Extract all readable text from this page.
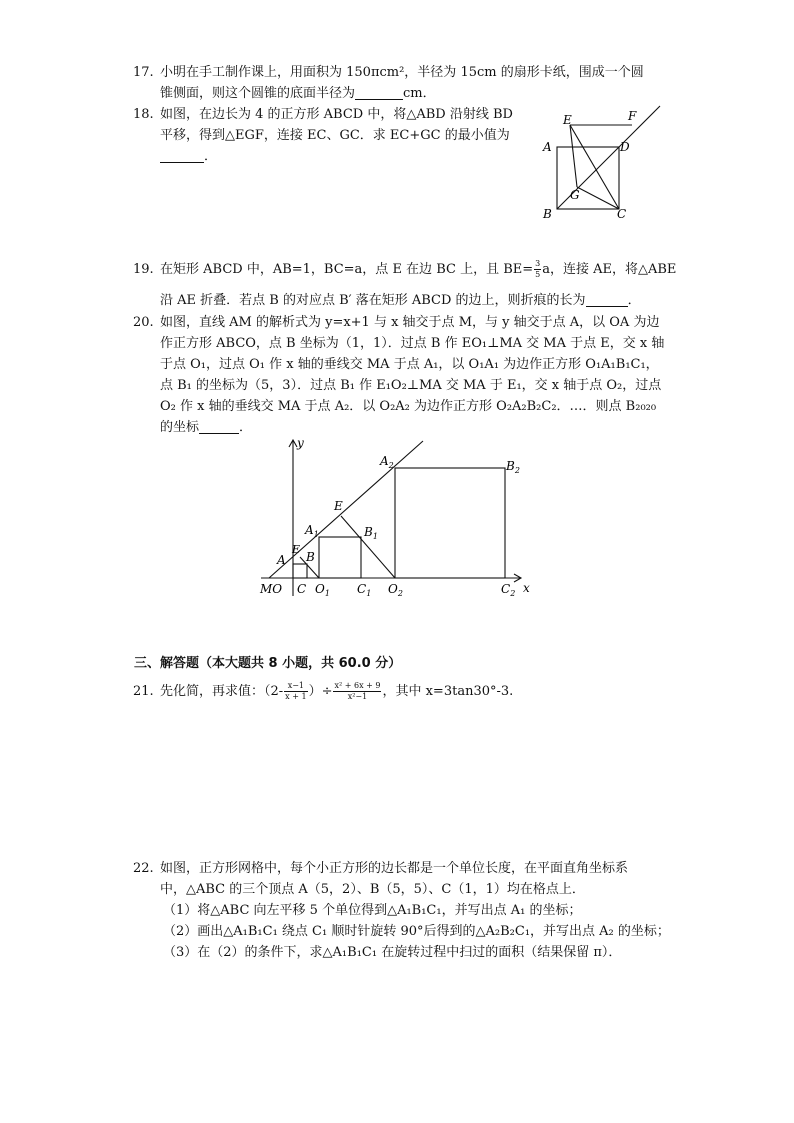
17. 小明在手工制作课上，用面积为 150πcm²，半径为 15cm 的扇形卡纸，围成一个圆
锥侧面，则这个圆锥的底面半径为	cm．
18. 如图，在边长为 4 的正方形 ABCD 中，将△ABD 沿射线 BD
平移，得到△EGF，连接 EC、GC．求 EC+GC 的最小值为
．
E	F
A	D
G
B	C
19. 在矩形 ABCD 中，AB=1，BC=a，点 E 在边 BC 上，且 $BE= \frac{3}{5}$ a，连接 AE，将△ABE
沿 AE 折叠．若点 B 的对应点 B′ 落在矩形 ABCD 的边上，则折痕的长为	．
20. 如图，直线 AM 的解析式为 y=x+1 与 x 轴交于点 M，与 y 轴交于点 A，以 OA 为边
作正方形 ABCO，点 B 坐标为（1，1）．过点 B 作 EO₁⊥MA 交 MA 于点 E，交 x 轴
于点 O₁，过点 O₁ 作 x 轴的垂线交 MA 于点 A₁，以 O₁A₁ 为边作正方形 O₁A₁B₁C₁，
点 B₁ 的坐标为（5，3）．过点 B₁ 作 E₁O₂⊥MA 交 MA 于 E₁，交 x 轴于点 O₂，过点
O₂ 作 x 轴的垂线交 MA 于点 A₂．以 O₂A₂ 为边作正方形 O₂A₂B₂C₂．…．则点 B₂₀₂₀
的坐标	．
y
x
$A_2$	$B_2$
E
$A_1$	$B_1$
E
A B
MO C $O_1$ $C_1$ $O_2$	$C_2$
三、解答题（本大题共 8 小题，共 60.0 分）
21. 先化简，再求值：（$2- \frac{x-1}{x + 1}$ ）÷ $\frac{\text{x² + 6x + 9}}{\text{x²−1}}$ ，其中 x=3tan30°-3.
22. 如图，正方形网格中，每个小正方形的边长都是一个单位长度，在平面直角坐标系
中，△ABC 的三个顶点 A（5，2）、B（5，5）、C（1，1）均在格点上．
（1）将△ABC 向左平移 5 个单位得到△A₁B₁C₁，并写出点 A₁ 的坐标；
（2）画出△A₁B₁C₁ 绕点 C₁ 顺时针旋转 90°后得到的△A₂B₂C₁，并写出点 A₂ 的坐标；
（3）在（2）的条件下，求△A₁B₁C₁ 在旋转过程中扫过的面积（结果保留 π）．
